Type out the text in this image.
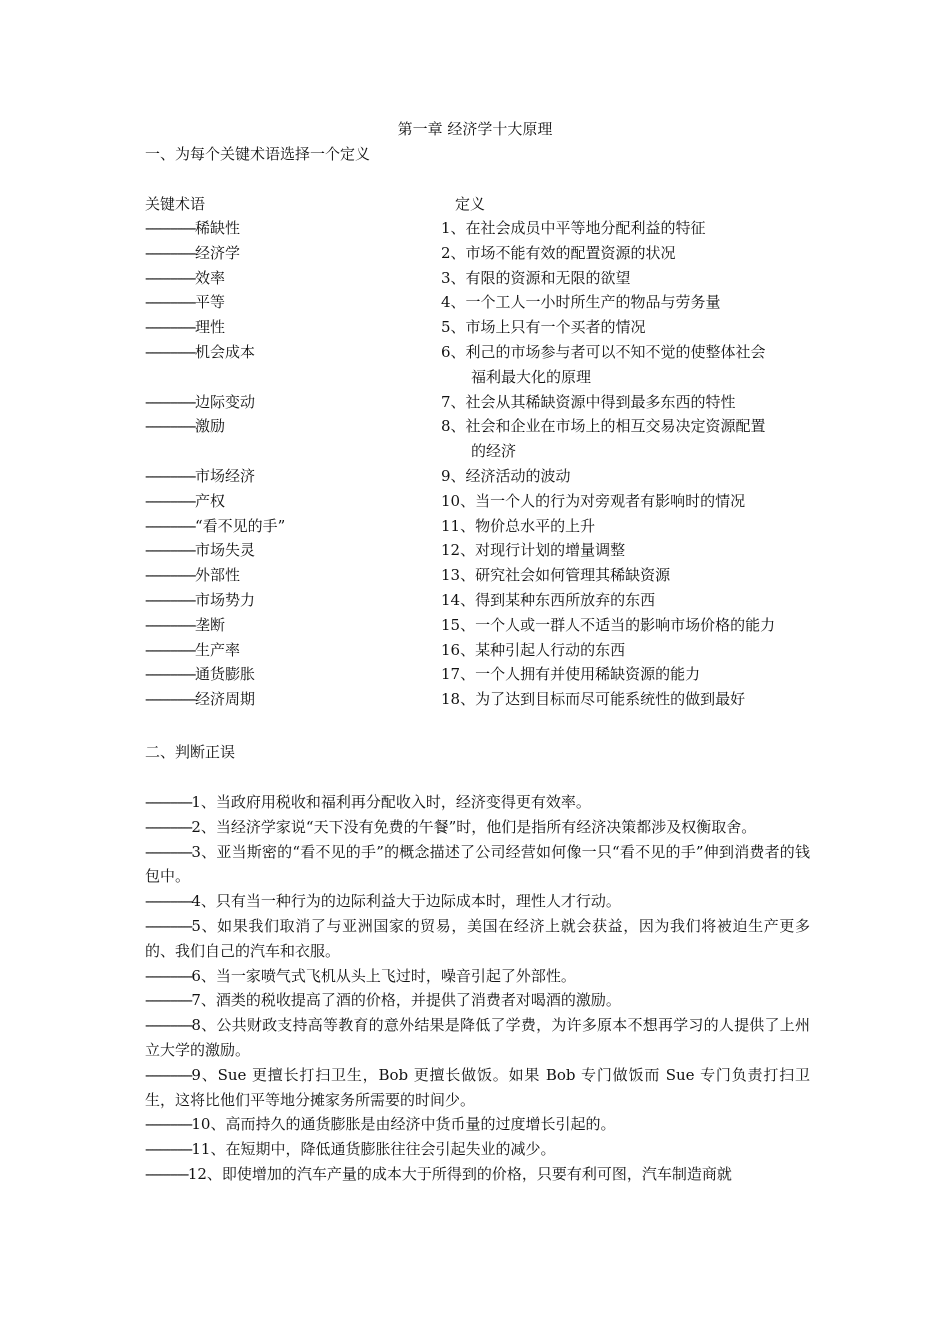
第一章 经济学十大原理
一、为每个关键术语选择一个定义
关键术语	定义
--------------稀缺性
--------------经济学
--------------效率
--------------平等
--------------理性
--------------机会成本
--------------边际变动
--------------激励
--------------市场经济
--------------产权
--------------“看不见的手”
--------------市场失灵
--------------外部性
--------------市场势力
--------------垄断
--------------生产率
--------------通货膨胀
--------------经济周期
1、在社会成员中平等地分配利益的特征
2、市场不能有效的配置资源的状况
3、有限的资源和无限的欲望
4、一个工人一小时所生产的物品与劳务量
5、市场上只有一个买者的情况
6、利己的市场参与者可以不知不觉的使整体社会
福利最大化的原理
7、社会从其稀缺资源中得到最多东西的特性
8、社会和企业在市场上的相互交易决定资源配置
的经济
9、经济活动的波动
10、当一个人的行为对旁观者有影响时的情况
11、物价总水平的上升
12、对现行计划的增量调整
13、研究社会如何管理其稀缺资源
14、得到某种东西所放弃的东西
15、一个人或一群人不适当的影响市场价格的能力
16、某种引起人行动的东西
17、一个人拥有并使用稀缺资源的能力
18、为了达到目标而尽可能系统性的做到最好
二、判断正误
-------------1、当政府用税收和福利再分配收入时，经济变得更有效率。
-------------2、当经济学家说“天下没有免费的午餐”时，他们是指所有经济决策都涉及权衡取舍。
-------------3、亚当斯密的“看不见的手”的概念描述了公司经营如何像一只“看不见的手”伸到消费者的钱包中。
-------------4、只有当一种行为的边际利益大于边际成本时，理性人才行动。
-------------5、如果我们取消了与亚洲国家的贸易，美国在经济上就会获益，因为我们将被迫生产更多的、我们自己的汽车和衣服。
-------------6、当一家喷气式飞机从头上飞过时，噪音引起了外部性。
-------------7、酒类的税收提高了酒的价格，并提供了消费者对喝酒的激励。
-------------8、公共财政支持高等教育的意外结果是降低了学费，为许多原本不想再学习的人提供了上州立大学的激励。
-------------9、Sue 更擅长打扫卫生，Bob 更擅长做饭。如果 Bob 专门做饭而 Sue 专门负责打扫卫生，这将比他们平等地分摊家务所需要的时间少。
-------------10、高而持久的通货膨胀是由经济中货币量的过度增长引起的。
-------------11、在短期中，降低通货膨胀往往会引起失业的减少。
------------12、即使增加的汽车产量的成本大于所得到的价格，只要有利可图，汽车制造商就
